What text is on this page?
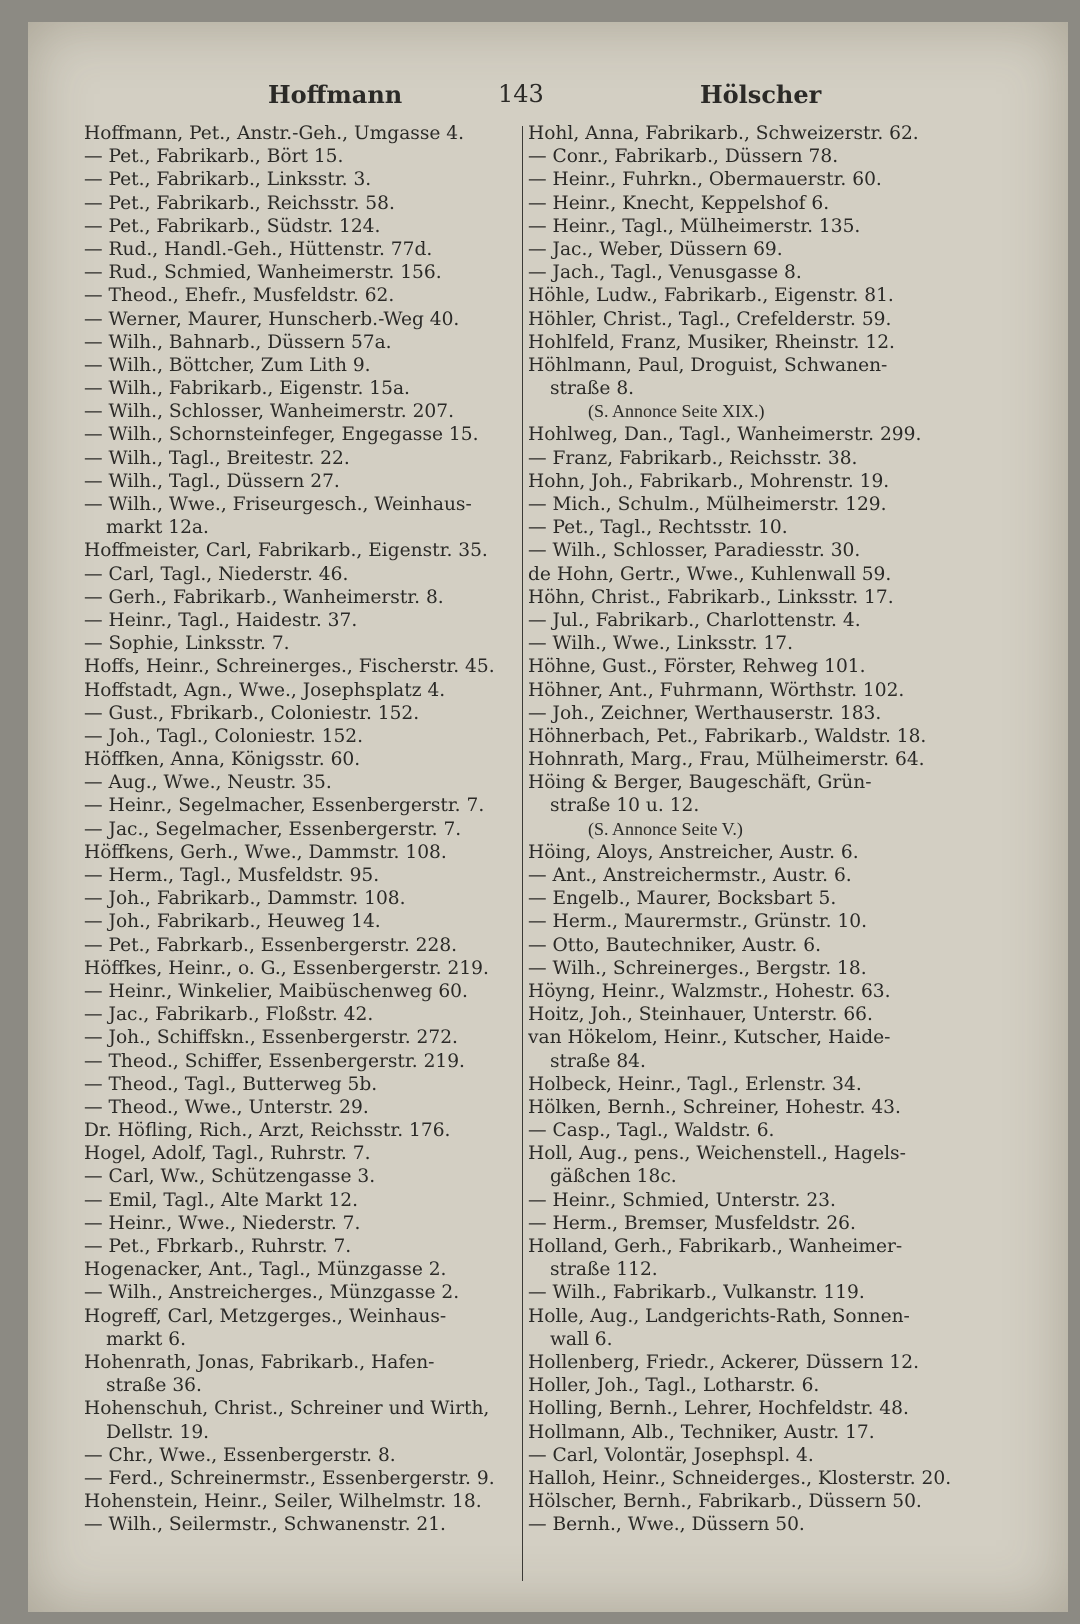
Hoffmann	143	Hölscher
Hoffmann, Pet., Anstr.-Geh., Umgasse 4.
— Pet., Fabrikarb., Bört 15.
— Pet., Fabrikarb., Linksstr. 3.
— Pet., Fabrikarb., Reichsstr. 58.
— Pet., Fabrikarb., Südstr. 124.
— Rud., Handl.-Geh., Hüttenstr. 77d.
— Rud., Schmied, Wanheimerstr. 156.
— Theod., Ehefr., Musfeldstr. 62.
— Werner, Maurer, Hunscherb.-Weg 40.
— Wilh., Bahnarb., Düssern 57a.
— Wilh., Böttcher, Zum Lith 9.
— Wilh., Fabrikarb., Eigenstr. 15a.
— Wilh., Schlosser, Wanheimerstr. 207.
— Wilh., Schornsteinfeger, Engegasse 15.
— Wilh., Tagl., Breitestr. 22.
— Wilh., Tagl., Düssern 27.
— Wilh., Wwe., Friseurgesch., Weinhaus-
markt 12a.
Hoffmeister, Carl, Fabrikarb., Eigenstr. 35.
— Carl, Tagl., Niederstr. 46.
— Gerh., Fabrikarb., Wanheimerstr. 8.
— Heinr., Tagl., Haidestr. 37.
— Sophie, Linksstr. 7.
Hoffs, Heinr., Schreinerges., Fischerstr. 45.
Hoffstadt, Agn., Wwe., Josephsplatz 4.
— Gust., Fbrikarb., Coloniestr. 152.
— Joh., Tagl., Coloniestr. 152.
Höffken, Anna, Königsstr. 60.
— Aug., Wwe., Neustr. 35.
— Heinr., Segelmacher, Essenbergerstr. 7.
— Jac., Segelmacher, Essenbergerstr. 7.
Höffkens, Gerh., Wwe., Dammstr. 108.
— Herm., Tagl., Musfeldstr. 95.
— Joh., Fabrikarb., Dammstr. 108.
— Joh., Fabrikarb., Heuweg 14.
— Pet., Fabrkarb., Essenbergerstr. 228.
Höffkes, Heinr., o. G., Essenbergerstr. 219.
— Heinr., Winkelier, Maibüschenweg 60.
— Jac., Fabrikarb., Floßstr. 42.
— Joh., Schiffskn., Essenbergerstr. 272.
— Theod., Schiffer, Essenbergerstr. 219.
— Theod., Tagl., Butterweg 5b.
— Theod., Wwe., Unterstr. 29.
Dr. Höfling, Rich., Arzt, Reichsstr. 176.
Hogel, Adolf, Tagl., Ruhrstr. 7.
— Carl, Ww., Schützengasse 3.
— Emil, Tagl., Alte Markt 12.
— Heinr., Wwe., Niederstr. 7.
— Pet., Fbrkarb., Ruhrstr. 7.
Hogenacker, Ant., Tagl., Münzgasse 2.
— Wilh., Anstreicherges., Münzgasse 2.
Hogreff, Carl, Metzgerges., Weinhaus-
markt 6.
Hohenrath, Jonas, Fabrikarb., Hafen-
straße 36.
Hohenschuh, Christ., Schreiner und Wirth,
Dellstr. 19.
— Chr., Wwe., Essenbergerstr. 8.
— Ferd., Schreinermstr., Essenbergerstr. 9.
Hohenstein, Heinr., Seiler, Wilhelmstr. 18.
— Wilh., Seilermstr., Schwanenstr. 21.
Hohl, Anna, Fabrikarb., Schweizerstr. 62.
— Conr., Fabrikarb., Düssern 78.
— Heinr., Fuhrkn., Obermauerstr. 60.
— Heinr., Knecht, Keppelshof 6.
— Heinr., Tagl., Mülheimerstr. 135.
— Jac., Weber, Düssern 69.
— Jach., Tagl., Venusgasse 8.
Höhle, Ludw., Fabrikarb., Eigenstr. 81.
Höhler, Christ., Tagl., Crefelderstr. 59.
Hohlfeld, Franz, Musiker, Rheinstr. 12.
Höhlmann, Paul, Droguist, Schwanen-
straße 8.
(S. Annonce Seite XIX.)
Hohlweg, Dan., Tagl., Wanheimerstr. 299.
— Franz, Fabrikarb., Reichsstr. 38.
Hohn, Joh., Fabrikarb., Mohrenstr. 19.
— Mich., Schulm., Mülheimerstr. 129.
— Pet., Tagl., Rechtsstr. 10.
— Wilh., Schlosser, Paradiesstr. 30.
de Hohn, Gertr., Wwe., Kuhlenwall 59.
Höhn, Christ., Fabrikarb., Linksstr. 17.
— Jul., Fabrikarb., Charlottenstr. 4.
— Wilh., Wwe., Linksstr. 17.
Höhne, Gust., Förster, Rehweg 101.
Höhner, Ant., Fuhrmann, Wörthstr. 102.
— Joh., Zeichner, Werthauserstr. 183.
Höhnerbach, Pet., Fabrikarb., Waldstr. 18.
Hohnrath, Marg., Frau, Mülheimerstr. 64.
Höing & Berger, Baugeschäft, Grün-
straße 10 u. 12.
(S. Annonce Seite V.)
Höing, Aloys, Anstreicher, Austr. 6.
— Ant., Anstreichermstr., Austr. 6.
— Engelb., Maurer, Bocksbart 5.
— Herm., Maurermstr., Grünstr. 10.
— Otto, Bautechniker, Austr. 6.
— Wilh., Schreinerges., Bergstr. 18.
Höyng, Heinr., Walzmstr., Hohestr. 63.
Hoitz, Joh., Steinhauer, Unterstr. 66.
van Hökelom, Heinr., Kutscher, Haide-
straße 84.
Holbeck, Heinr., Tagl., Erlenstr. 34.
Hölken, Bernh., Schreiner, Hohestr. 43.
— Casp., Tagl., Waldstr. 6.
Holl, Aug., pens., Weichenstell., Hagels-
gäßchen 18c.
— Heinr., Schmied, Unterstr. 23.
— Herm., Bremser, Musfeldstr. 26.
Holland, Gerh., Fabrikarb., Wanheimer-
straße 112.
— Wilh., Fabrikarb., Vulkanstr. 119.
Holle, Aug., Landgerichts-Rath, Sonnen-
wall 6.
Hollenberg, Friedr., Ackerer, Düssern 12.
Holler, Joh., Tagl., Lotharstr. 6.
Holling, Bernh., Lehrer, Hochfeldstr. 48.
Hollmann, Alb., Techniker, Austr. 17.
— Carl, Volontär, Josephspl. 4.
Halloh, Heinr., Schneiderges., Klosterstr. 20.
Hölscher, Bernh., Fabrikarb., Düssern 50.
— Bernh., Wwe., Düssern 50.
